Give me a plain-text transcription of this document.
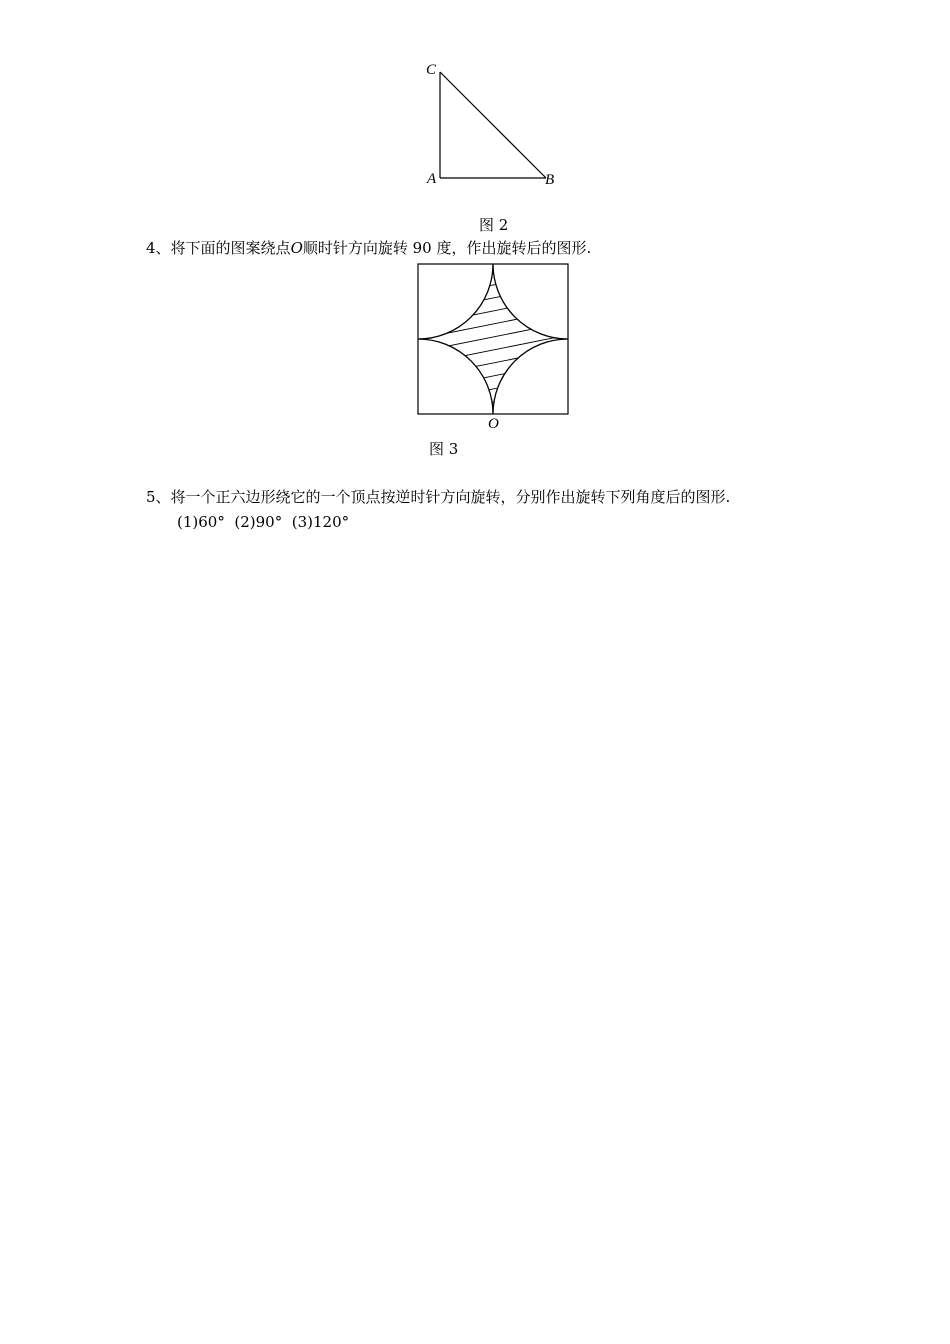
C
A	B
图 2
4、将下面的图案绕点O顺时针方向旋转 90 度，作出旋转后的图形.
O
图 3
5、将一个正六边形绕它的一个顶点按逆时针方向旋转，分别作出旋转下列角度后的图形.
(1)60°  (2)90°  (3)120°
